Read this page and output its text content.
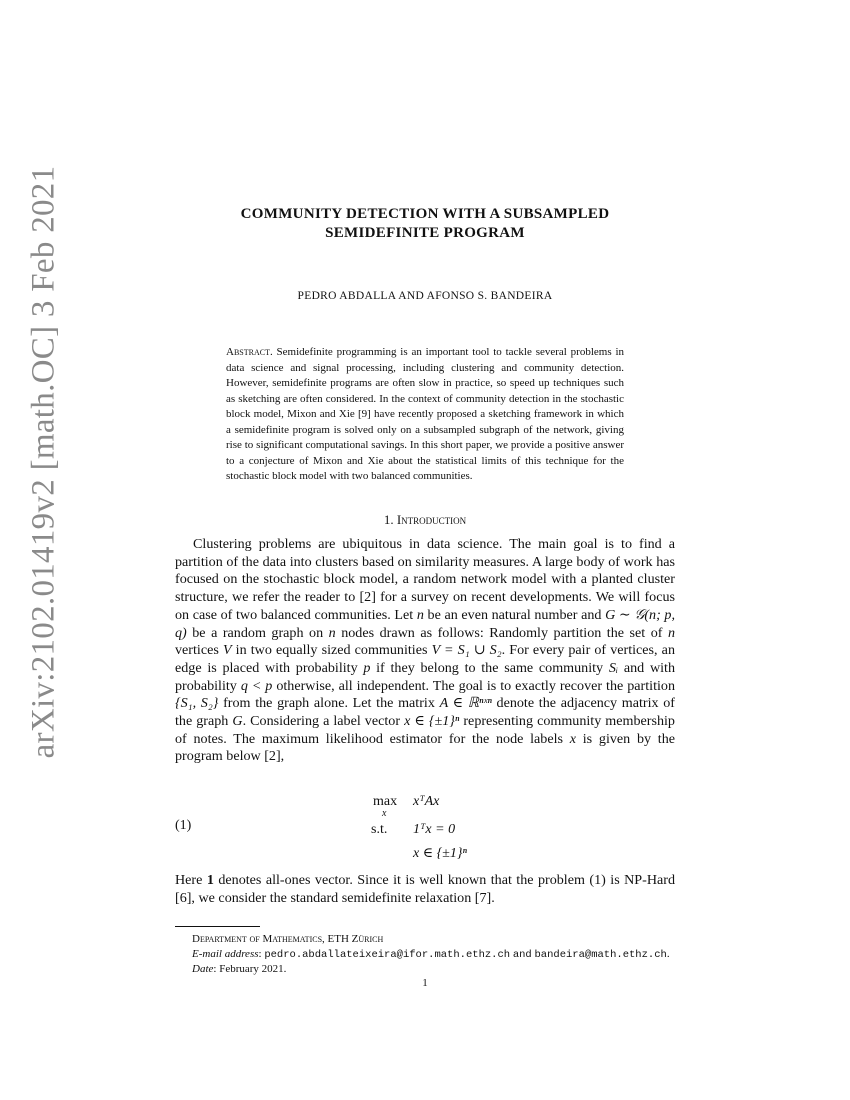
arXiv:2102.01419v2 [math.OC] 3 Feb 2021	COMMUNITY DETECTION WITH A SUBSAMPLED
SEMIDEFINITE PROGRAM
PEDRO ABDALLA AND AFONSO S. BANDEIRA

Abstract. Semidefinite programming is an important tool to tackle several problems in data science and signal processing, including clustering and community detection. However, semidefinite programs are often slow in practice, so speed up techniques such as sketching are often considered. In the context of community detection in the stochastic block model, Mixon and Xie [9] have recently proposed a sketching framework in which a semidefinite program is solved only on a subsampled subgraph of the network, giving rise to significant computational savings. In this short paper, we provide a positive answer to a conjecture of Mixon and Xie about the statistical limits of this technique for the stochastic block model with two balanced communities.

1. Introduction

Clustering problems are ubiquitous in data science. The main goal is to find a partition of the data into clusters based on similarity measures. A large body of work has focused on the stochastic block model, a random network model with a planted cluster structure, we refer the reader to [2] for a survey on recent developments. We will focus on case of two balanced communities. Let n be an even natural number and G ∼ 𝒢(n; p, q) be a random graph on n nodes drawn as follows: Randomly partition the set of n vertices V in two equally sized communities V = S₁ ∪ S₂. For every pair of vertices, an edge is placed with probability p if they belong to the same community Sᵢ and with probability q < p otherwise, all independent. The goal is to exactly recover the partition {S₁, S₂} from the graph alone. Let the matrix A ∈ ℝⁿˣⁿ denote the adjacency matrix of the graph G. Considering a label vector x ∈ {±1}ⁿ representing community membership of notes. The maximum likelihood estimator for the node labels x is given by the program below [2],

(1)
max
x
xᵀAx
s.t. 1ᵀx = 0
x ∈ {±1}ⁿ

Here 1 denotes all-ones vector. Since it is well known that the problem (1) is NP-Hard [6], we consider the standard semidefinite relaxation [7].

Department of Mathematics, ETH Zürich
E-mail address: pedro.abdallateixeira@ifor.math.ethz.ch and bandeira@math.ethz.ch.
Date: February 2021.
1
